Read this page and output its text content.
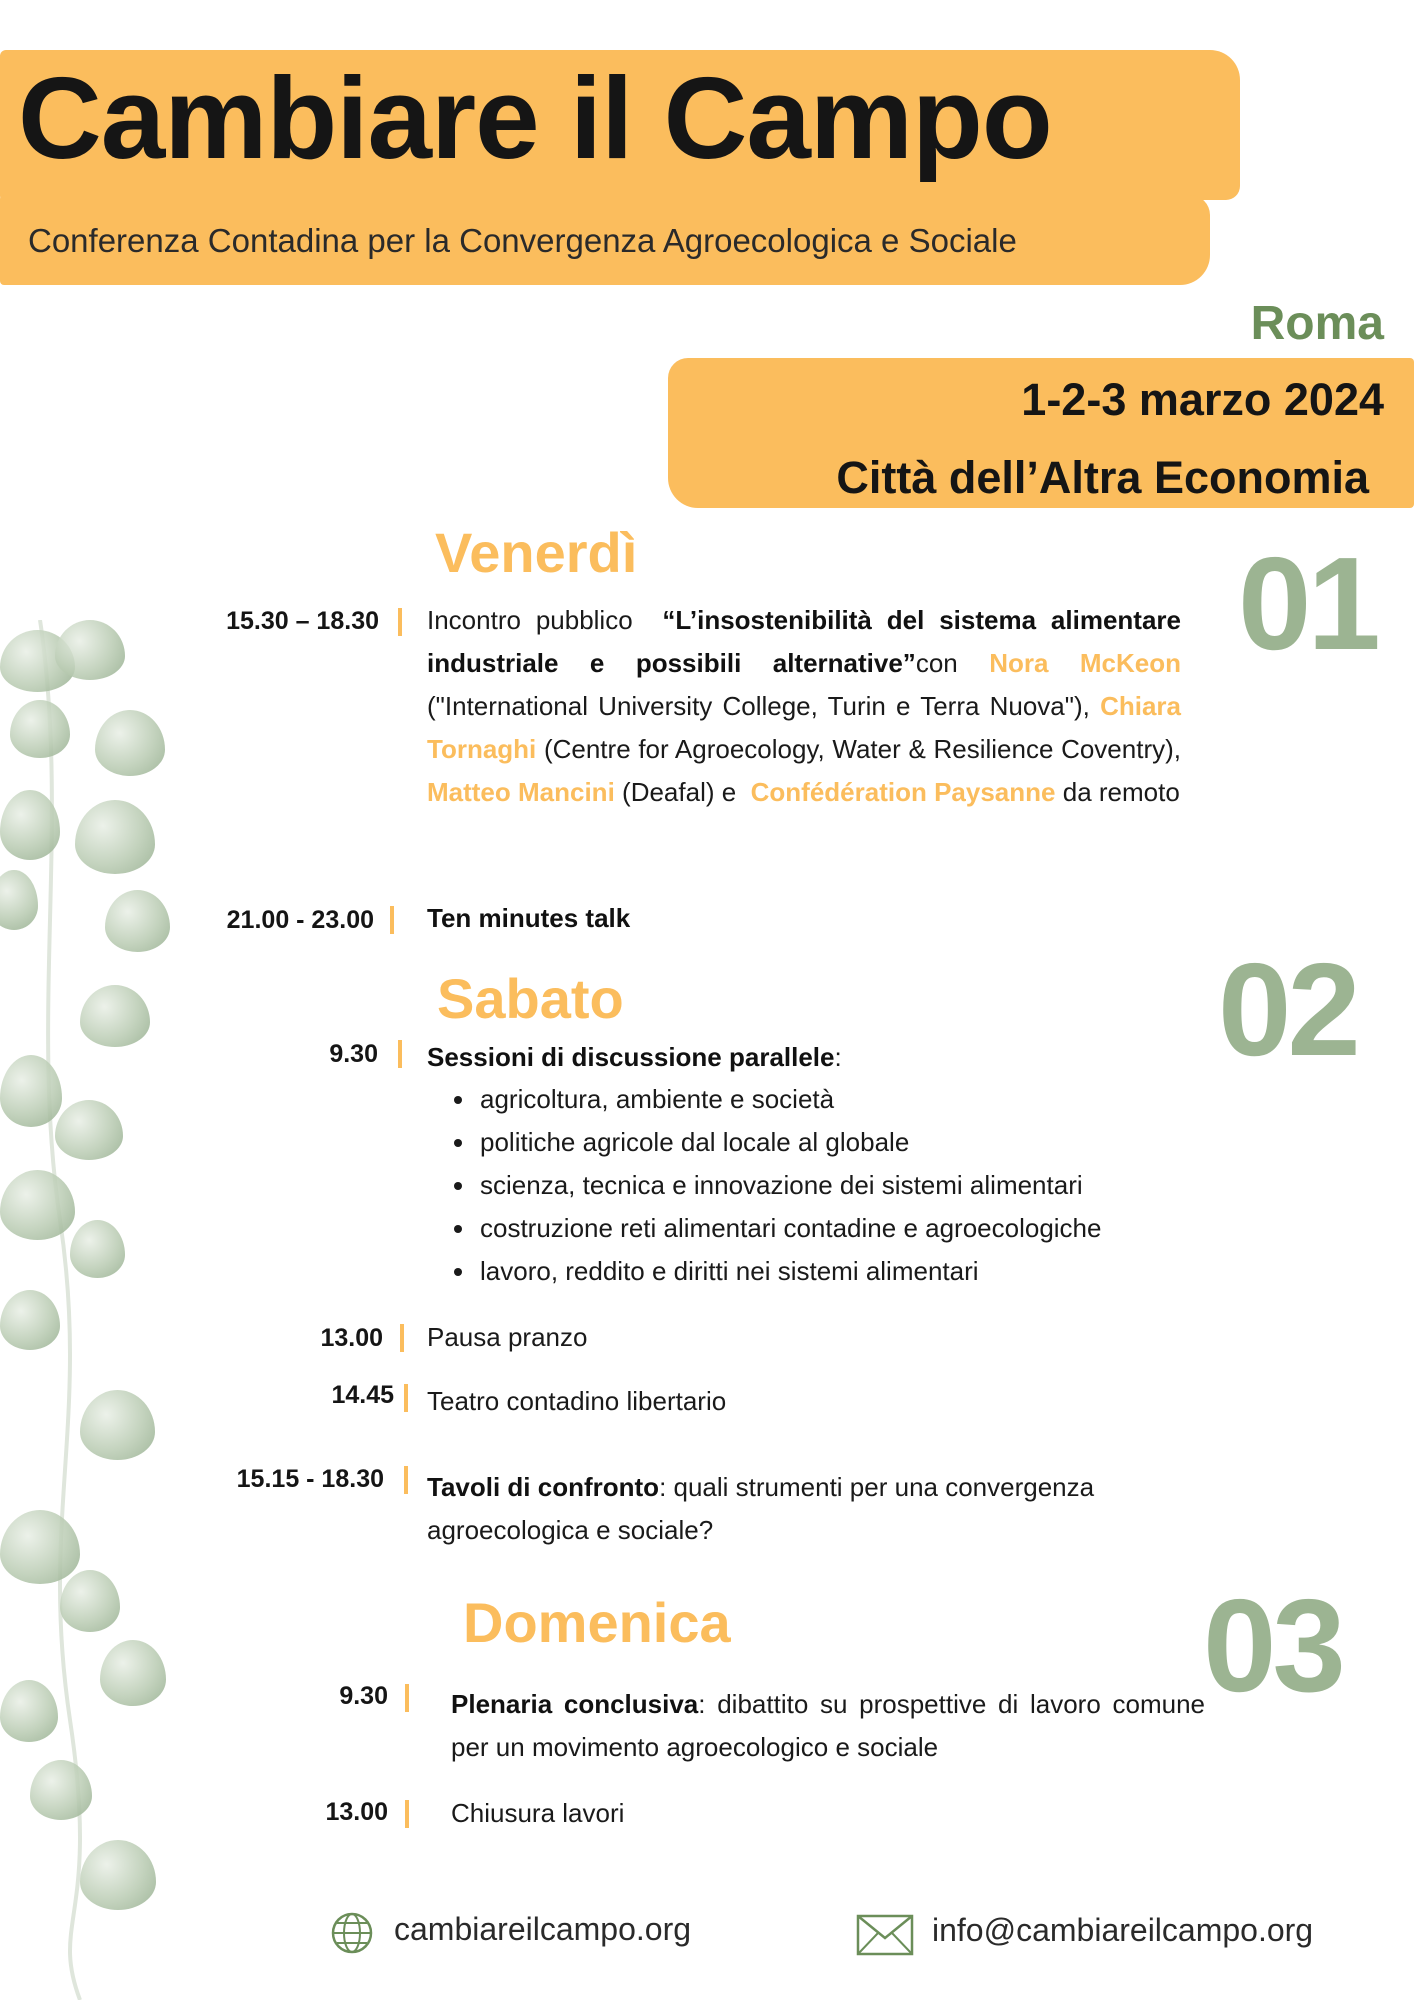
Cambiare il Campo
Conferenza Contadina per la Convergenza Agroecologica e Sociale
Roma
1-2-3 marzo 2024
Città dell’Altra Economia
Venerdì	01
15.30 – 18.30 Incontro pubblico “L’insostenibilità del sistema alimentare industriale e possibili alternative”con Nora McKeon ("International University College, Turin e Terra Nuova"), Chiara Tornaghi (Centre for Agroecology, Water & Resilience Coventry), Matteo Mancini (Deafal) e Confédération Paysanne da remoto
21.00 - 23.00 Ten minutes talk
Sabato	02
9.30 Sessioni di discussione parallele:
agricoltura, ambiente e società
politiche agricole dal locale al globale
scienza, tecnica e innovazione dei sistemi alimentari
costruzione reti alimentari contadine e agroecologiche
lavoro, reddito e diritti nei sistemi alimentari
13.00 Pausa pranzo
14.45 Teatro contadino libertario
15.15 - 18.30 Tavoli di confronto: quali strumenti per una convergenza agroecologica e sociale?
Domenica	03
9.30 Plenaria conclusiva: dibattito su prospettive di lavoro comune per un movimento agroecologico e sociale
13.00 Chiusura lavori
cambiareilcampo.org	info@cambiareilcampo.org
